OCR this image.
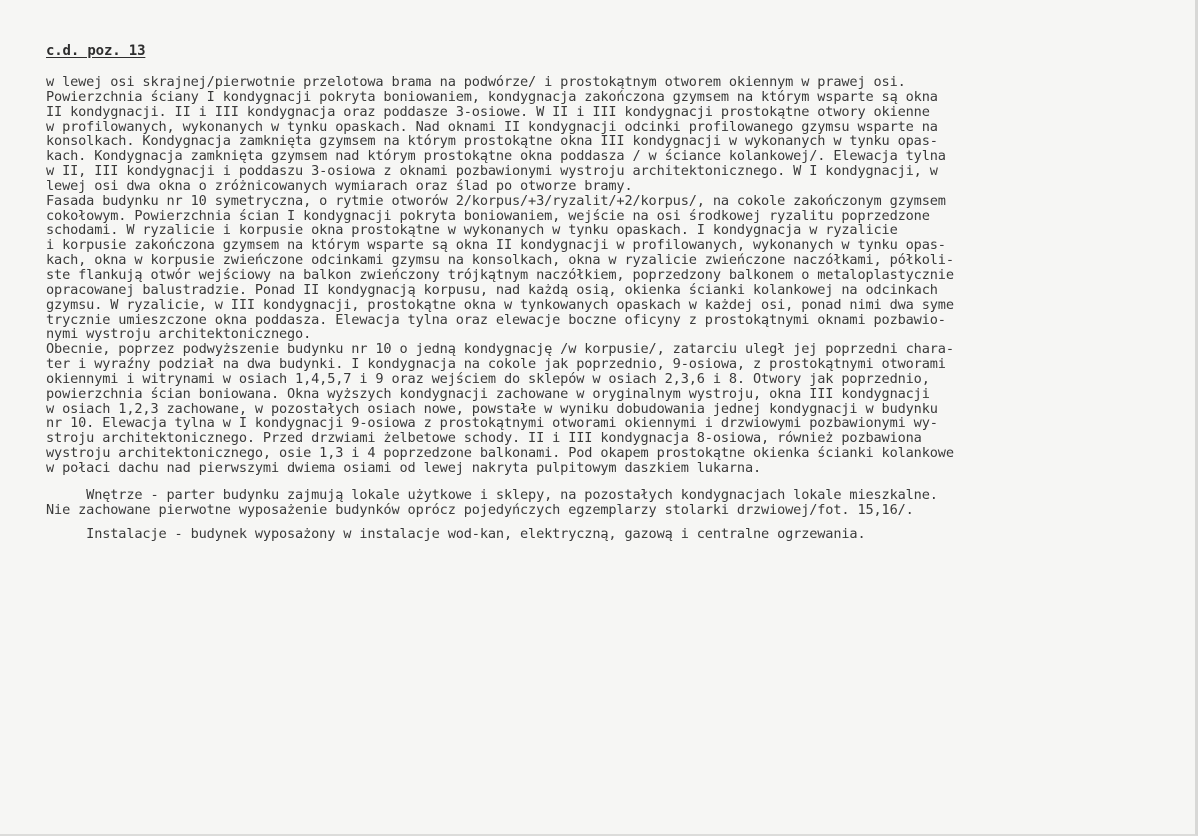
c.d. poz. 13
w lewej osi skrajnej/pierwotnie przelotowa brama na podwórze/ i prostokątnym otworem okiennym w prawej osi.
Powierzchnia ściany I kondygnacji pokryta boniowaniem, kondygnacja zakończona gzymsem na którym wsparte są okna
II kondygnacji. II i III kondygnacja oraz poddasze 3-osiowe. W II i III kondygnacji prostokątne otwory okienne
w profilowanych, wykonanych w tynku opaskach. Nad oknami II kondygnacji odcinki profilowanego gzymsu wsparte na
konsolkach. Kondygnacja zamknięta gzymsem na którym prostokątne okna III kondygnacji w wykonanych w tynku opas-
kach. Kondygnacja zamknięta gzymsem nad którym prostokątne okna poddasza / w ściance kolankowej/. Elewacja tylna
w II, III kondygnacji i poddaszu 3-osiowa z oknami pozbawionymi wystroju architektonicznego. W I kondygnacji, w
lewej osi dwa okna o zróżnicowanych wymiarach oraz ślad po otworze bramy.
Fasada budynku nr 10 symetryczna, o rytmie otworów 2/korpus/+3/ryzalit/+2/korpus/, na cokole zakończonym gzymsem
cokołowym. Powierzchnia ścian I kondygnacji pokryta boniowaniem, wejście na osi środkowej ryzalitu poprzedzone
schodami. W ryzalicie i korpusie okna prostokątne w wykonanych w tynku opaskach. I kondygnacja w ryzalicie
i korpusie zakończona gzymsem na którym wsparte są okna II kondygnacji w profilowanych, wykonanych w tynku opas-
kach, okna w korpusie zwieńczone odcinkami gzymsu na konsolkach, okna w ryzalicie zwieńczone naczółkami, półkoli-
ste flankują otwór wejściowy na balkon zwieńczony trójkątnym naczółkiem, poprzedzony balkonem o metaloplastycznie
opracowanej balustradzie. Ponad II kondygnacją korpusu, nad każdą osią, okienka ścianki kolankowej na odcinkach
gzymsu. W ryzalicie, w III kondygnacji, prostokątne okna w tynkowanych opaskach w każdej osi, ponad nimi dwa syme
trycznie umieszczone okna poddasza. Elewacja tylna oraz elewacje boczne oficyny z prostokątnymi oknami pozbawio-
nymi wystroju architektonicznego.
Obecnie, poprzez podwyższenie budynku nr 10 o jedną kondygnację /w korpusie/, zatarciu uległ jej poprzedni chara-
ter i wyraźny podział na dwa budynki. I kondygnacja na cokole jak poprzednio, 9-osiowa, z prostokątnymi otworami
okiennymi i witrynami w osiach 1,4,5,7 i 9 oraz wejściem do sklepów w osiach 2,3,6 i 8. Otwory jak poprzednio,
powierzchnia ścian boniowana. Okna wyższych kondygnacji zachowane w oryginalnym wystroju, okna III kondygnacji
w osiach 1,2,3 zachowane, w pozostałych osiach nowe, powstałe w wyniku dobudowania jednej kondygnacji w budynku
nr 10. Elewacja tylna w I kondygnacji 9-osiowa z prostokątnymi otworami okiennymi i drzwiowymi pozbawionymi wy-
stroju architektonicznego. Przed drzwiami żelbetowe schody. II i III kondygnacja 8-osiowa, również pozbawiona
wystroju architektonicznego, osie 1,3 i 4 poprzedzone balkonami. Pod okapem prostokątne okienka ścianki kolankowe
w połaci dachu nad pierwszymi dwiema osiami od lewej nakryta pulpitowym daszkiem lukarna.
Wnętrze - parter budynku zajmują lokale użytkowe i sklepy, na pozostałych kondygnacjach lokale mieszkalne.
Nie zachowane pierwotne wyposażenie budynków oprócz pojedyńczych egzemplarzy stolarki drzwiowej/fot. 15,16/.
Instalacje - budynek wyposażony w instalacje wod-kan, elektryczną, gazową i centralne ogrzewania.
